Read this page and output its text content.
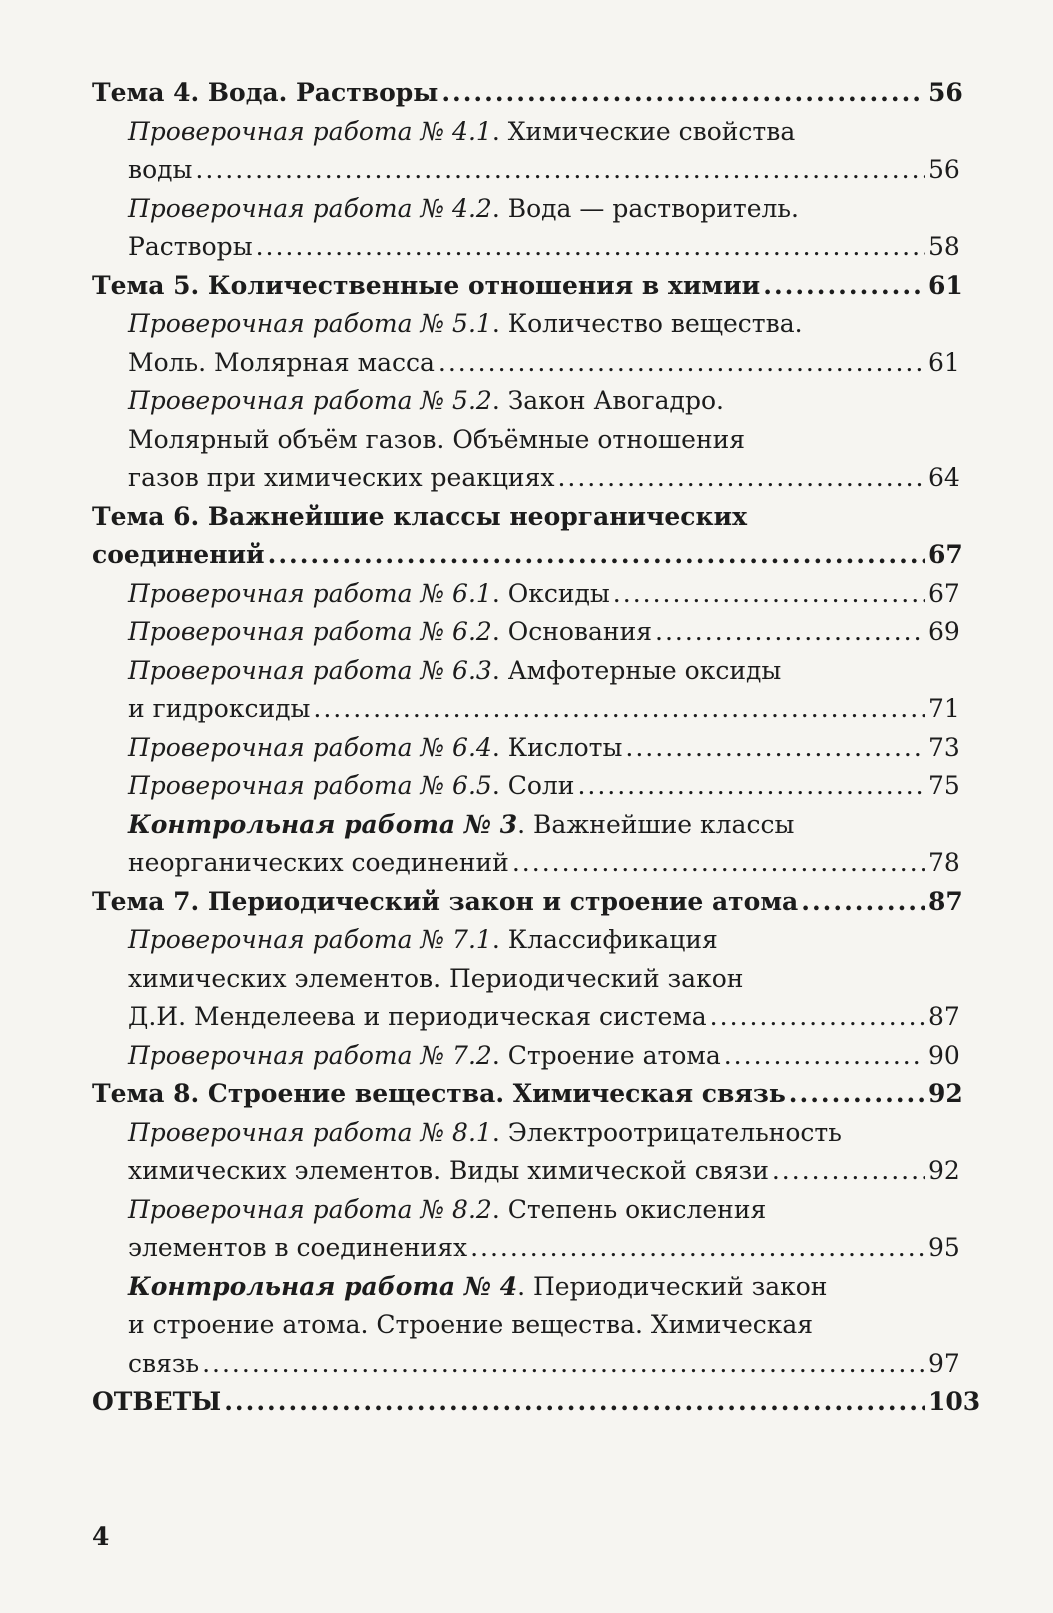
Тема 4. Вода. Растворы .....	56
Проверочная работа № 4.1. Химические свойства
воды .....	56
Проверочная работа № 4.2. Вода — растворитель.
Растворы .....	58
Тема 5. Количественные отношения в химии .....	61
Проверочная работа № 5.1. Количество вещества.
Моль. Молярная масса .....	61
Проверочная работа № 5.2. Закон Авогадро.
Молярный объём газов. Объёмные отношения
газов при химических реакциях .....	64
Тема 6. Важнейшие классы неорганических
соединений .....	67
Проверочная работа № 6.1. Оксиды .....	67
Проверочная работа № 6.2. Основания .....	69
Проверочная работа № 6.3. Амфотерные оксиды
и гидроксиды .....	71
Проверочная работа № 6.4. Кислоты .....	73
Проверочная работа № 6.5. Соли .....	75
Контрольная работа № 3. Важнейшие классы
неорганических соединений .....	78
Тема 7. Периодический закон и строение атома .....	87
Проверочная работа № 7.1. Классификация
химических элементов. Периодический закон
Д.И. Менделеева и периодическая система .....	87
Проверочная работа № 7.2. Строение атома .....	90
Тема 8. Строение вещества. Химическая связь .....	92
Проверочная работа № 8.1. Электроотрицательность
химических элементов. Виды химической связи .....	92
Проверочная работа № 8.2. Степень окисления
элементов в соединениях .....	95
Контрольная работа № 4. Периодический закон
и строение атома. Строение вещества. Химическая
связь .....	97
ОТВЕТЫ .....	103
4
